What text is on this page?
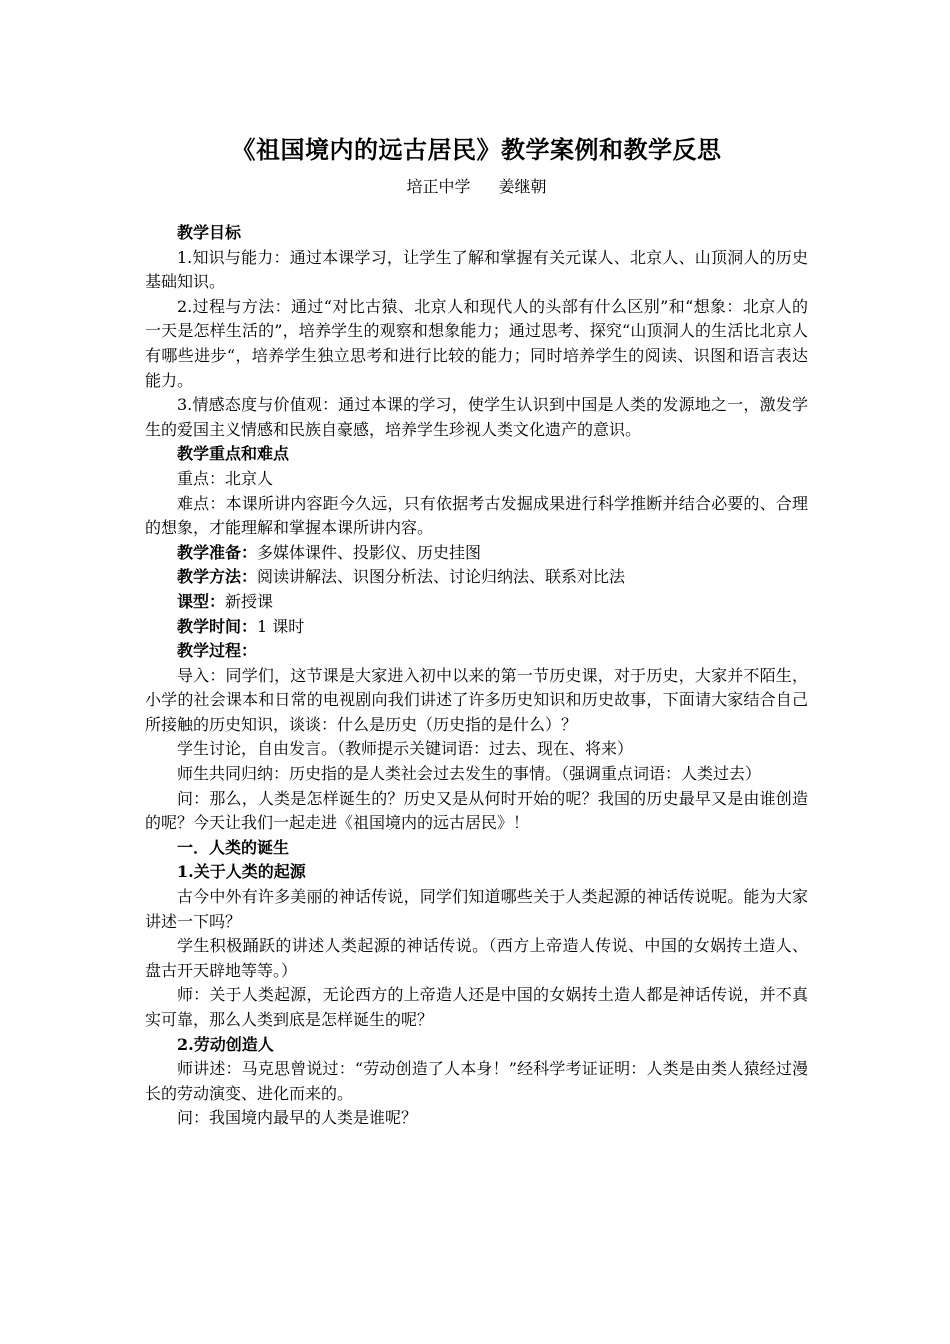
《祖国境内的远古居民》教学案例和教学反思
培正中学 姜继朝

教学目标

1.知识与能力：通过本课学习，让学生了解和掌握有关元谋人、北京人、山顶洞人的历史基础知识。

2.过程与方法：通过“对比古猿、北京人和现代人的头部有什么区别”和“想象：北京人的一天是怎样生活的”，培养学生的观察和想象能力；通过思考、探究“山顶洞人的生活比北京人有哪些进步“，培养学生独立思考和进行比较的能力；同时培养学生的阅读、识图和语言表达能力。

3.情感态度与价值观：通过本课的学习，使学生认识到中国是人类的发源地之一，激发学生的爱国主义情感和民族自豪感，培养学生珍视人类文化遗产的意识。

教学重点和难点

重点：北京人

难点：本课所讲内容距今久远，只有依据考古发掘成果进行科学推断并结合必要的、合理的想象，才能理解和掌握本课所讲内容。

教学准备：多媒体课件、投影仪、历史挂图

教学方法：阅读讲解法、识图分析法、讨论归纳法、联系对比法

课型：新授课

教学时间：1 课时

教学过程：

导入：同学们，这节课是大家进入初中以来的第一节历史课，对于历史，大家并不陌生，小学的社会课本和日常的电视剧向我们讲述了许多历史知识和历史故事，下面请大家结合自己所接触的历史知识，谈谈：什么是历史（历史指的是什么）？

学生讨论，自由发言。（教师提示关键词语：过去、现在、将来）

师生共同归纳：历史指的是人类社会过去发生的事情。（强调重点词语：人类过去）

问：那么，人类是怎样诞生的？历史又是从何时开始的呢？我国的历史最早又是由谁创造的呢？今天让我们一起走进《祖国境内的远古居民》！

一．人类的诞生

1.关于人类的起源

古今中外有许多美丽的神话传说，同学们知道哪些关于人类起源的神话传说呢。能为大家讲述一下吗？

学生积极踊跃的讲述人类起源的神话传说。（西方上帝造人传说、中国的女娲抟土造人、盘古开天辟地等等。）

师：关于人类起源，无论西方的上帝造人还是中国的女娲抟土造人都是神话传说，并不真实可靠，那么人类到底是怎样诞生的呢？

2.劳动创造人

师讲述：马克思曾说过：“劳动创造了人本身！”经科学考证证明：人类是由类人猿经过漫长的劳动演变、进化而来的。

问：我国境内最早的人类是谁呢？
